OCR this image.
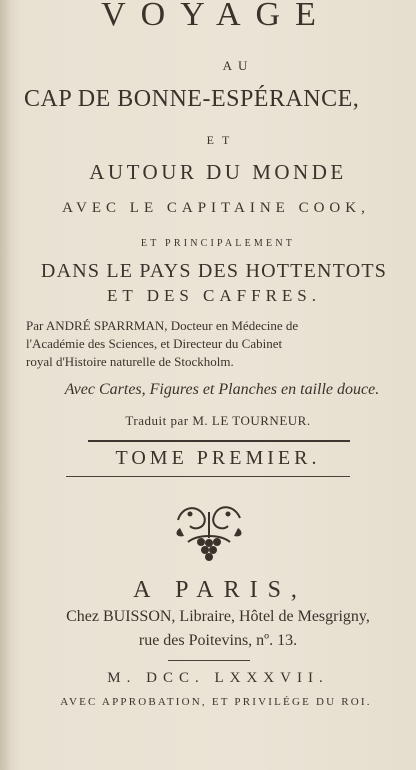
VOYAGE
AU
CAP DE BONNE-ESPÉRANCE,
ET
AUTOUR DU MONDE
AVEC LE CAPITAINE COOK,
ET PRINCIPALEMENT
DANS LE PAYS DES HOTTENTOTS
ET DES CAFFRES.
Par ANDRÉ SPARRMAN, Docteur en Médecine de
l'Académie des Sciences, et Directeur du Cabinet
royal d'Histoire naturelle de Stockholm.
Avec Cartes, Figures et Planches en taille douce.
Traduit par M. LE TOURNEUR.
TOME PREMIER.
A PARIS,
Chez BUISSON, Libraire, Hôtel de Mesgrigny,
rue des Poitevins, nº. 13.
M. DCC. LXXXVII.
AVEC APPROBATION, ET PRIVILÉGE DU ROI.
